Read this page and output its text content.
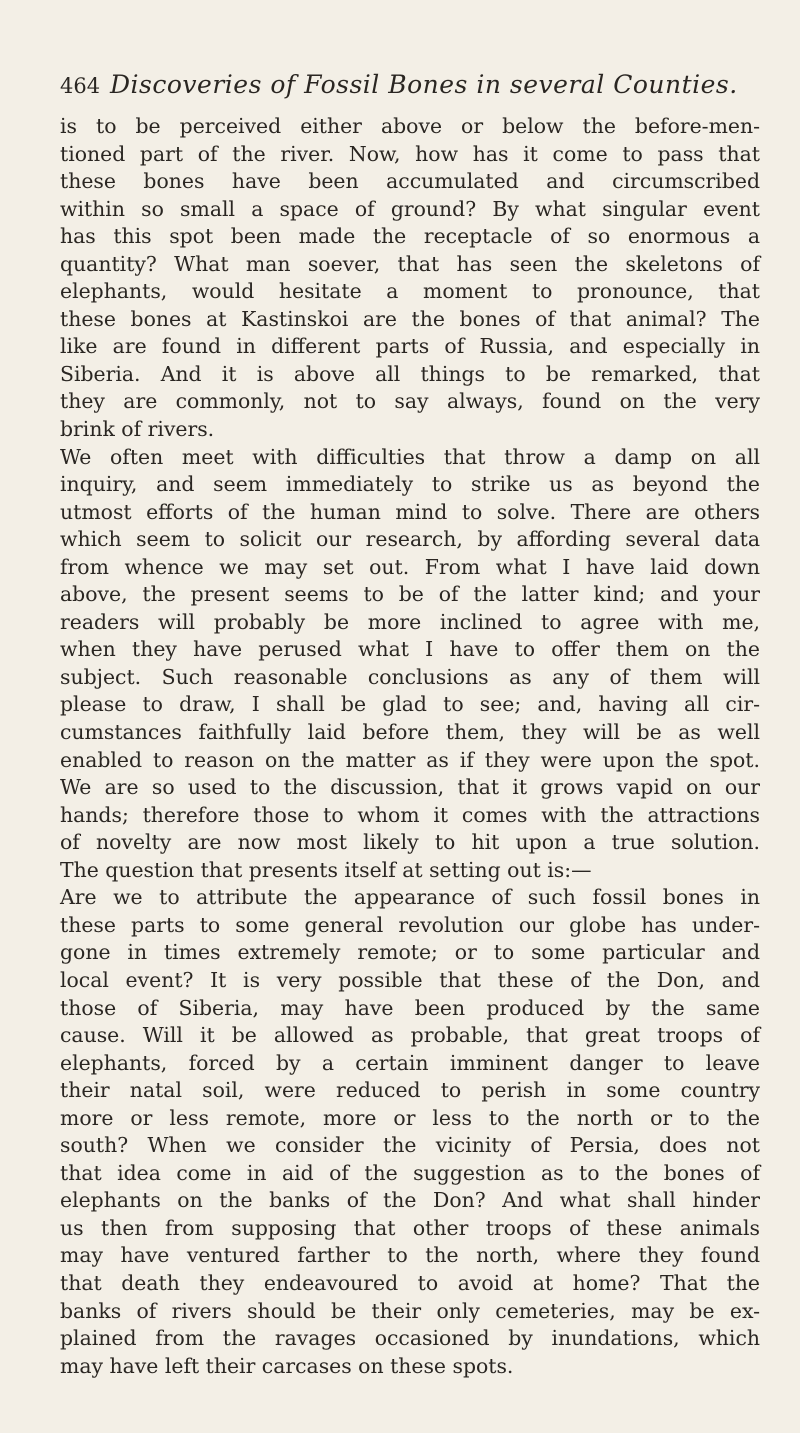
464 Discoveries of Fossil Bones in several Counties.
is to be perceived either above or below the before-men-
tioned part of the river. Now, how has it come to pass that
these bones have been accumulated and circumscribed
within so small a space of ground? By what singular event
has this spot been made the receptacle of so enormous a
quantity? What man soever, that has seen the skeletons of
elephants, would hesitate a moment to pronounce, that
these bones at Kastinskoi are the bones of that animal? The
like are found in different parts of Russia, and especially in
Siberia. And it is above all things to be remarked, that
they are commonly, not to say always, found on the very
brink of rivers.
We often meet with difficulties that throw a damp on all
inquiry, and seem immediately to strike us as beyond the
utmost efforts of the human mind to solve. There are others
which seem to solicit our research, by affording several data
from whence we may set out. From what I have laid down
above, the present seems to be of the latter kind; and your
readers will probably be more inclined to agree with me,
when they have perused what I have to offer them on the
subject. Such reasonable conclusions as any of them will
please to draw, I shall be glad to see; and, having all cir-
cumstances faithfully laid before them, they will be as well
enabled to reason on the matter as if they were upon the spot.
We are so used to the discussion, that it grows vapid on our
hands; therefore those to whom it comes with the attractions
of novelty are now most likely to hit upon a true solution.
The question that presents itself at setting out is:—
Are we to attribute the appearance of such fossil bones in
these parts to some general revolution our globe has under-
gone in times extremely remote; or to some particular and
local event? It is very possible that these of the Don, and
those of Siberia, may have been produced by the same
cause. Will it be allowed as probable, that great troops of
elephants, forced by a certain imminent danger to leave
their natal soil, were reduced to perish in some country
more or less remote, more or less to the north or to the
south? When we consider the vicinity of Persia, does not
that idea come in aid of the suggestion as to the bones of
elephants on the banks of the Don? And what shall hinder
us then from supposing that other troops of these animals
may have ventured farther to the north, where they found
that death they endeavoured to avoid at home? That the
banks of rivers should be their only cemeteries, may be ex-
plained from the ravages occasioned by inundations, which
may have left their carcases on these spots.
